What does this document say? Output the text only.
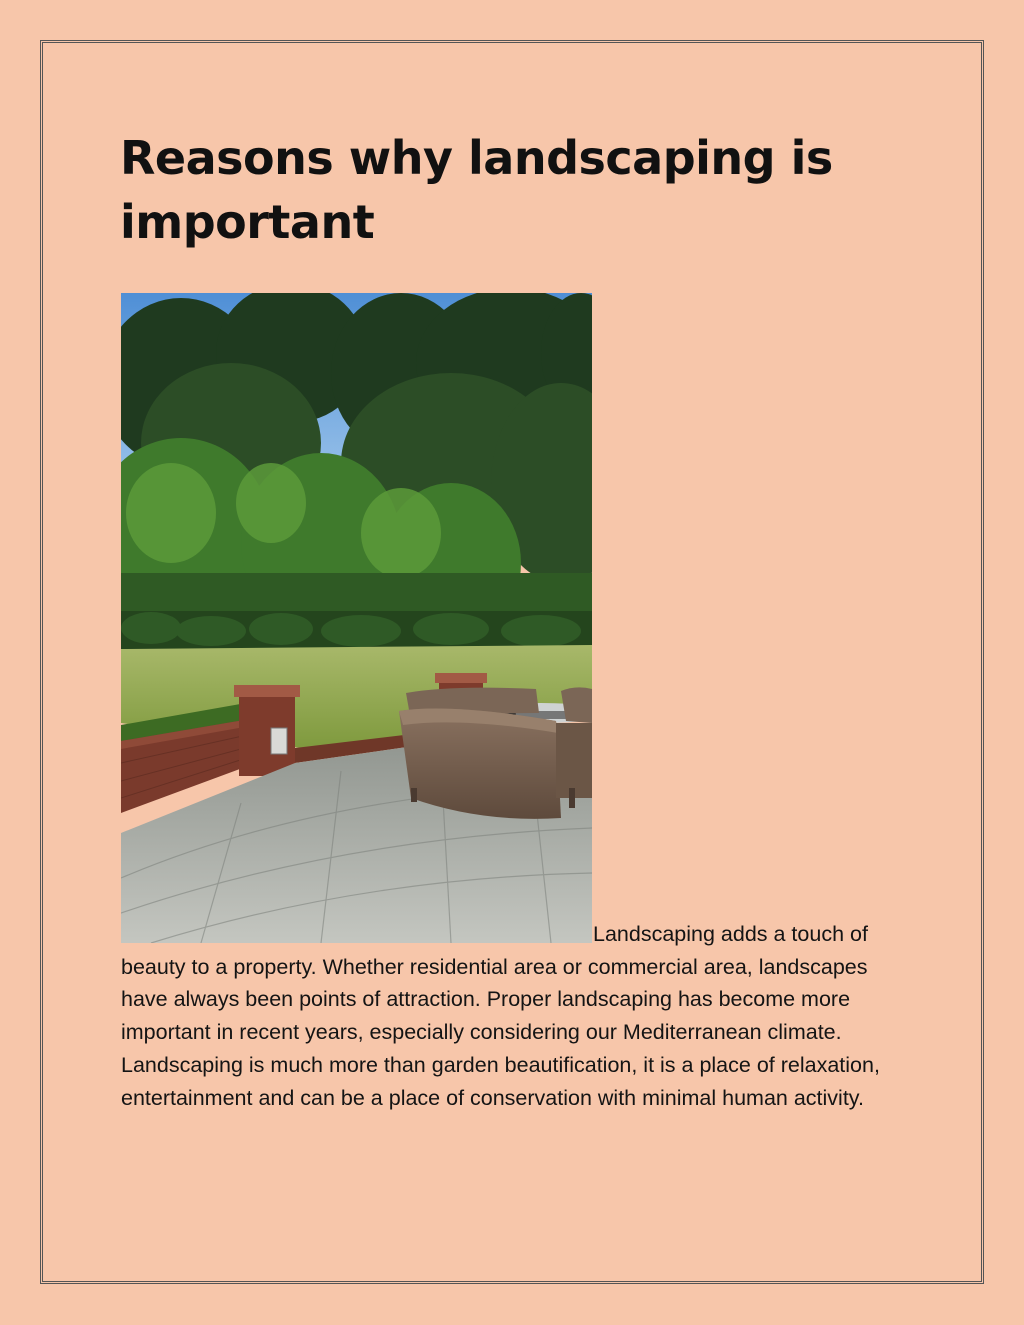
Reasons why landscaping is important

Landscaping adds a touch of beauty to a property. Whether residential area or commercial area, landscapes have always been points of attraction. Proper landscaping has become more important in recent years, especially considering our Mediterranean climate. Landscaping is much more than garden beautification, it is a place of relaxation, entertainment and can be a place of conservation with minimal human activity.
